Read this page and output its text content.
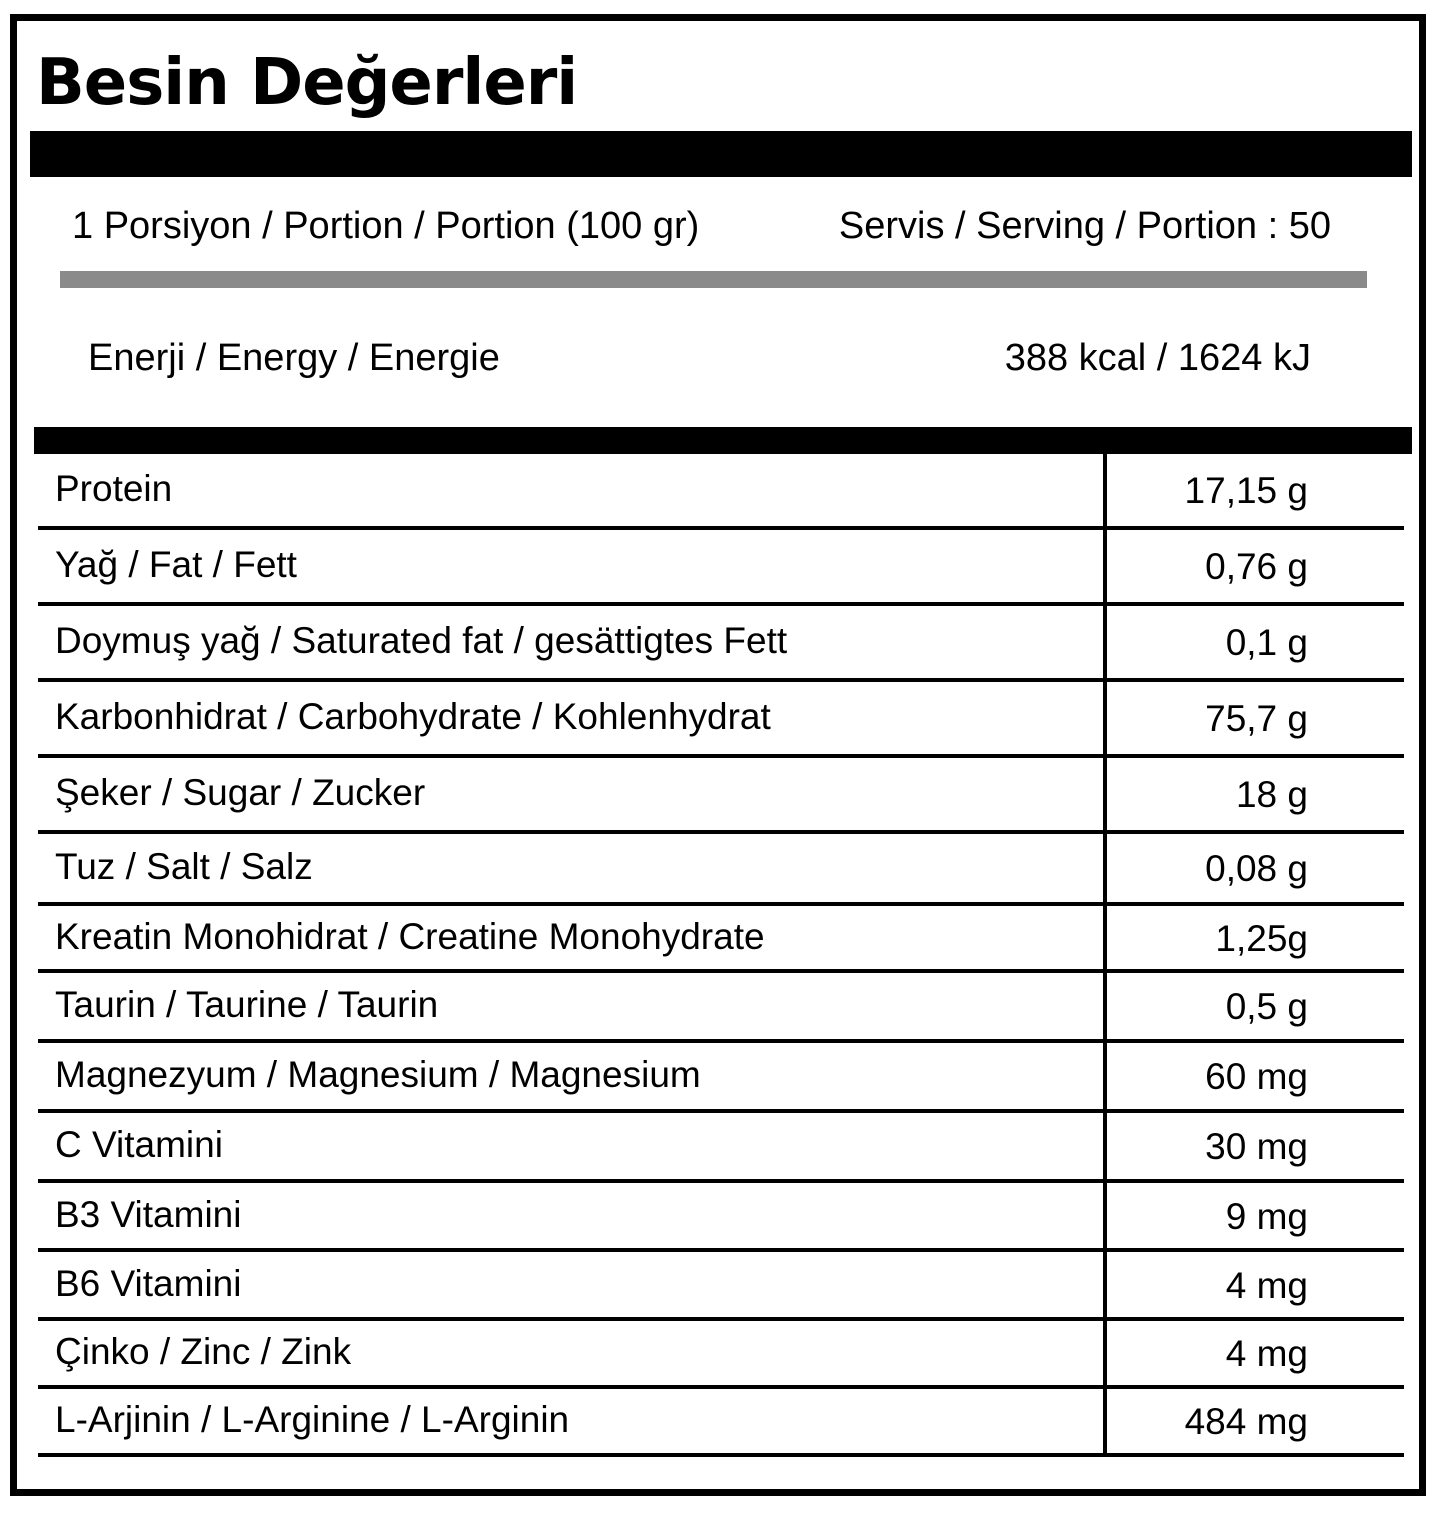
Besin Değerleri
1 Porsiyon / Portion / Portion (100 gr)	Servis / Serving / Portion : 50
Enerji / Energy / Energie	388 kcal / 1624 kJ
Protein	17,15 g
Yağ / Fat / Fett	0,76 g
Doymuş yağ / Saturated fat / gesättigtes Fett	0,1 g
Karbonhidrat / Carbohydrate / Kohlenhydrat	75,7 g
Şeker / Sugar / Zucker	18 g
Tuz / Salt / Salz	0,08 g
Kreatin Monohidrat / Creatine Monohydrate	1,25g
Taurin / Taurine / Taurin	0,5 g
Magnezyum / Magnesium / Magnesium	60 mg
C Vitamini	30 mg
B3 Vitamini	9 mg
B6 Vitamini	4 mg
Çinko / Zinc / Zink	4 mg
L-Arjinin / L-Arginine / L-Arginin	484 mg
